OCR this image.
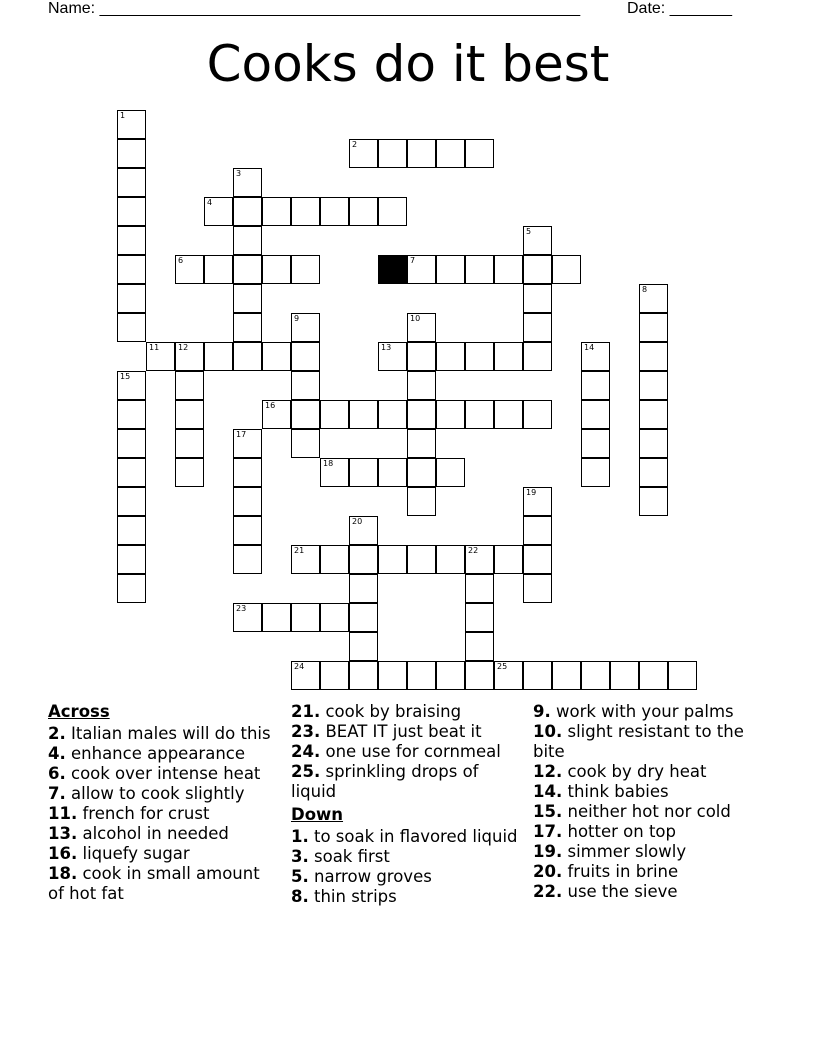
Name: ______________________________________________________	Date: _______
Cooks do it best
1
2
3
4
5
6	7
8
9	10
11 12	13	14
15
16
17
18
19
20
21	22
23
24	25
Across
2. Italian males will do this
4. enhance appearance
6. cook over intense heat
7. allow to cook slightly
11. french for crust
13. alcohol in needed
16. liquefy sugar
18. cook in small amount of hot fat
21. cook by braising
23. BEAT IT just beat it
24. one use for cornmeal
25. sprinkling drops of liquid
Down
1. to soak in flavored liquid
3. soak first
5. narrow groves
8. thin strips
9. work with your palms
10. slight resistant to the bite
12. cook by dry heat
14. think babies
15. neither hot nor cold
17. hotter on top
19. simmer slowly
20. fruits in brine
22. use the sieve
